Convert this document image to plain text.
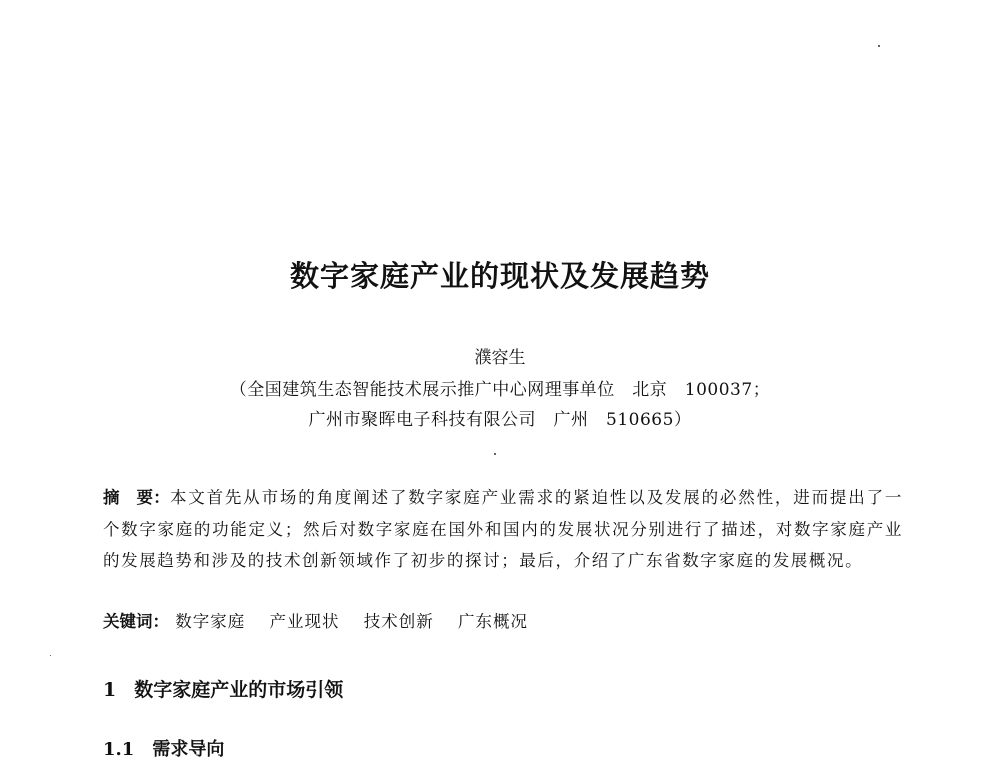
数字家庭产业的现状及发展趋势
濮容生
（全国建筑生态智能技术展示推广中心网理事单位　北京　100037；
广州市聚晖电子科技有限公司　广州　510665）
摘　要：本文首先从市场的角度阐述了数字家庭产业需求的紧迫性以及发展的必然性，进而提出了一个数字家庭的功能定义；然后对数字家庭在国外和国内的发展状况分别进行了描述，对数字家庭产业的发展趋势和涉及的技术创新领域作了初步的探讨；最后，介绍了广东省数字家庭的发展概况。
关键词： 数字家庭 产业现状 技术创新 广东概况
1 数字家庭产业的市场引领
1.1 需求导向
